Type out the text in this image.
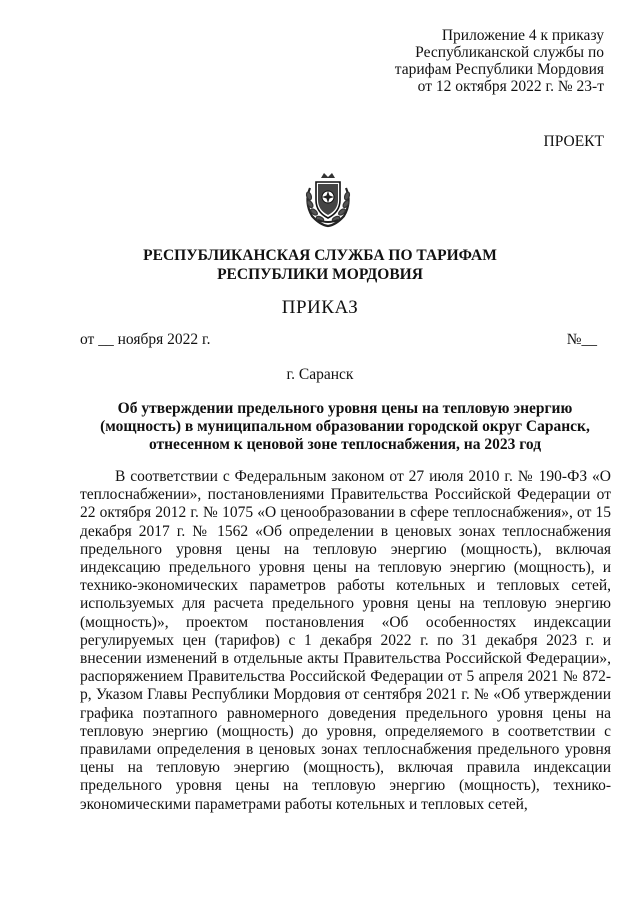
Приложение 4 к приказу
Республиканской службы по
тарифам Республики Мордовия
от 12 октября 2022 г. № 23-т
ПРОЕКТ
РЕСПУБЛИКАНСКАЯ СЛУЖБА ПО ТАРИФАМ
РЕСПУБЛИКИ МОРДОВИЯ
ПРИКАЗ
от __ ноября 2022 г.	№__
г. Саранск
Об утверждении предельного уровня цены на тепловую энергию (мощность) в муниципальном образовании городской округ Саранск, отнесенном к ценовой зоне теплоснабжения, на 2023 год

В соответствии с Федеральным законом от 27 июля 2010 г. № 190-ФЗ «О теплоснабжении», постановлениями Правительства Российской Федерации от 22 октября 2012 г. № 1075 «О ценообразовании в сфере теплоснабжения», от 15 декабря 2017 г. № 1562 «Об определении в ценовых зонах теплоснабжения предельного уровня цены на тепловую энергию (мощность), включая индексацию предельного уровня цены на тепловую энергию (мощность), и технико-экономических параметров работы котельных и тепловых сетей, используемых для расчета предельного уровня цены на тепловую энергию (мощность)», проектом постановления «Об особенностях индексации регулируемых цен (тарифов) с 1 декабря 2022 г. по 31 декабря 2023 г. и внесении изменений в отдельные акты Правительства Российской Федерации», распоряжением Правительства Российской Федерации от 5 апреля 2021 № 872-р, Указом Главы Республики Мордовия от сентября 2021 г. № «Об утверждении графика поэтапного равномерного доведения предельного уровня цены на тепловую энергию (мощность) до уровня, определяемого в соответствии с правилами определения в ценовых зонах теплоснабжения предельного уровня цены на тепловую энергию (мощность), включая правила индексации предельного уровня цены на тепловую энергию (мощность), технико-экономическими параметрами работы котельных и тепловых сетей,
